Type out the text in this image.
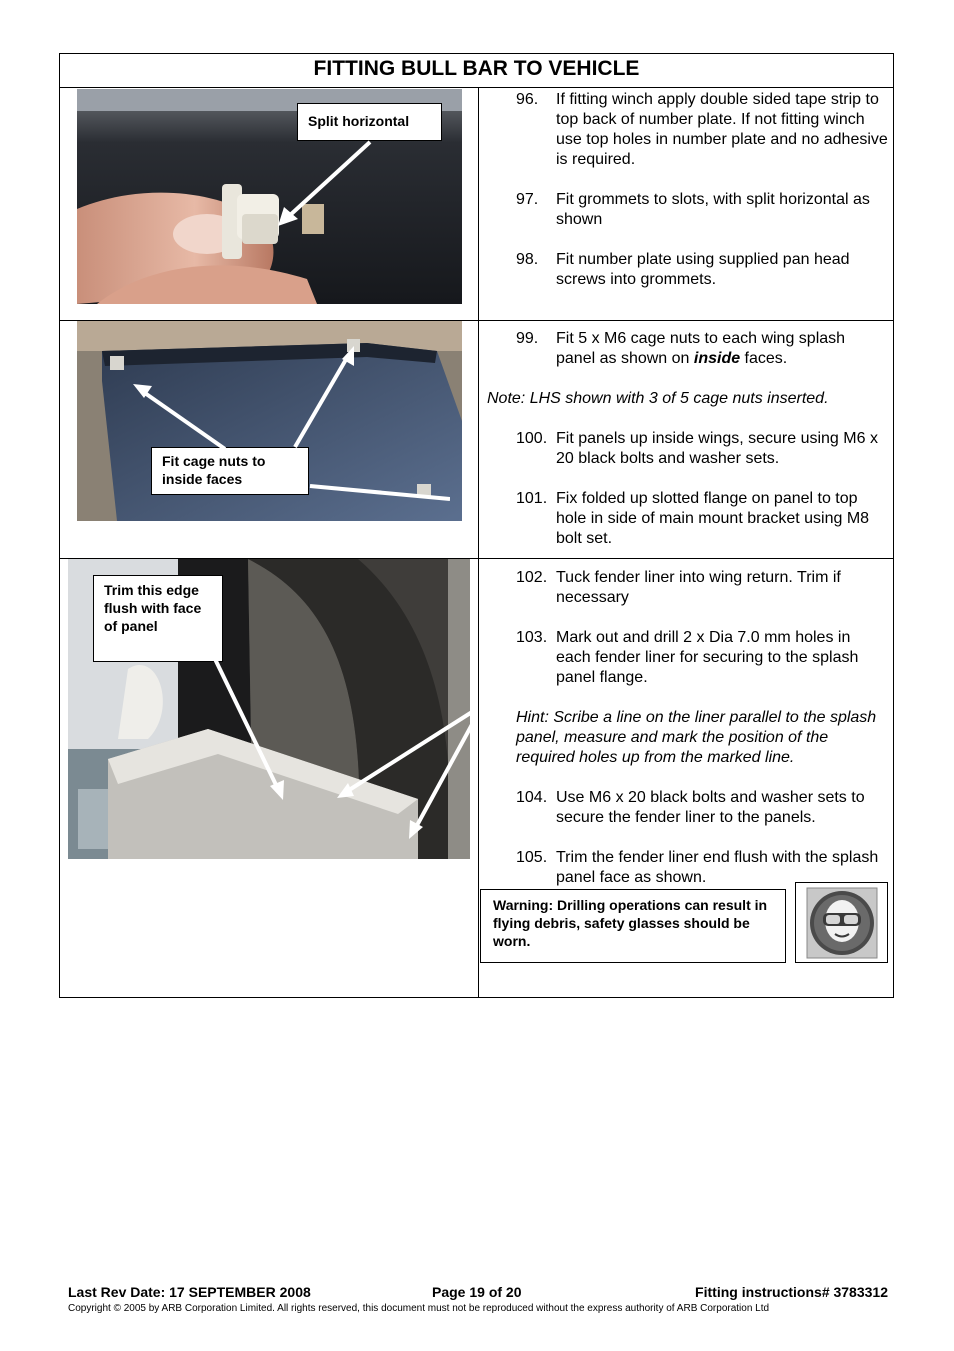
FITTING BULL BAR TO VEHICLE
Split horizontal
96. If fitting winch apply double sided tape strip to top back of number plate. If not fitting winch use top holes in number plate and no adhesive is required.
97. Fit grommets to slots, with split horizontal as shown
98. Fit number plate using supplied pan head screws into grommets.
Fit cage nuts to inside faces
99. Fit 5 x M6 cage nuts to each wing splash panel as shown on inside faces.
Note: LHS shown with 3 of 5 cage nuts inserted.
100. Fit panels up inside wings, secure using M6 x 20 black bolts and washer sets.
101. Fix folded up slotted flange on panel to top hole in side of main mount bracket using M8 bolt set.
Trim this edge flush with face of panel
102. Tuck fender liner into wing return. Trim if necessary
103. Mark out and drill 2 x Dia 7.0 mm holes in each fender liner for securing to the splash panel flange.
Hint: Scribe a line on the liner parallel to the splash panel, measure and mark the position of the required holes up from the marked line.
104. Use M6 x 20 black bolts and washer sets to secure the fender liner to the panels.
105. Trim the fender liner end flush with the splash panel face as shown.
Warning: Drilling operations can result in flying debris, safety glasses should be worn.
Last Rev Date: 17 SEPTEMBER 2008	Page 19 of 20	Fitting instructions# 3783312
Copyright © 2005 by ARB Corporation Limited. All rights reserved, this document must not be reproduced without the express authority of ARB Corporation Ltd
